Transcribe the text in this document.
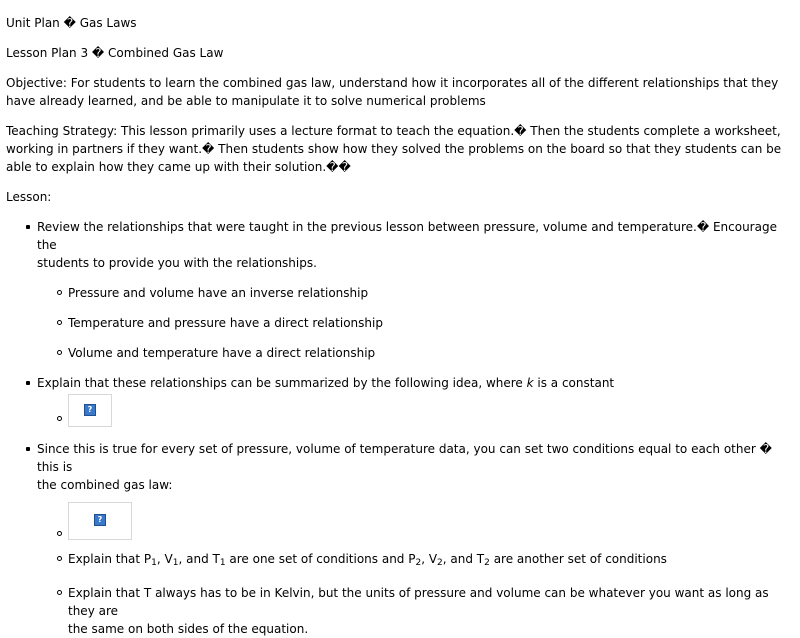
Unit Plan � Gas Laws

Lesson Plan 3 � Combined Gas Law

Objective: For students to learn the combined gas law, understand how it incorporates all of the different relationships that they have already learned, and be able to manipulate it to solve numerical problems

Teaching Strategy: This lesson primarily uses a lecture format to teach the equation.� Then the students complete a worksheet, working in partners if they want.� Then students show how they solved the problems on the board so that they students can be able to explain how they came up with their solution.��

Lesson:

Review the relationships that were taught in the previous lesson between pressure, volume and temperature.� Encourage the
students to provide you with the relationships.
Pressure and volume have an inverse relationship
Temperature and pressure have a direct relationship
Volume and temperature have a direct relationship
Explain that these relationships can be summarized by the following idea, where k is a constant
?
Since this is true for every set of pressure, volume of temperature data, you can set two conditions equal to each other � this is
the combined gas law:
?
Explain that $P_1$, $V_1$, and $T_1$ are one set of conditions and $P_2$, $V_2$, and $T_2$ are another set of conditions
Explain that T always has to be in Kelvin, but the units of pressure and volume can be whatever you want as long as they are
the same on both sides of the equation.
